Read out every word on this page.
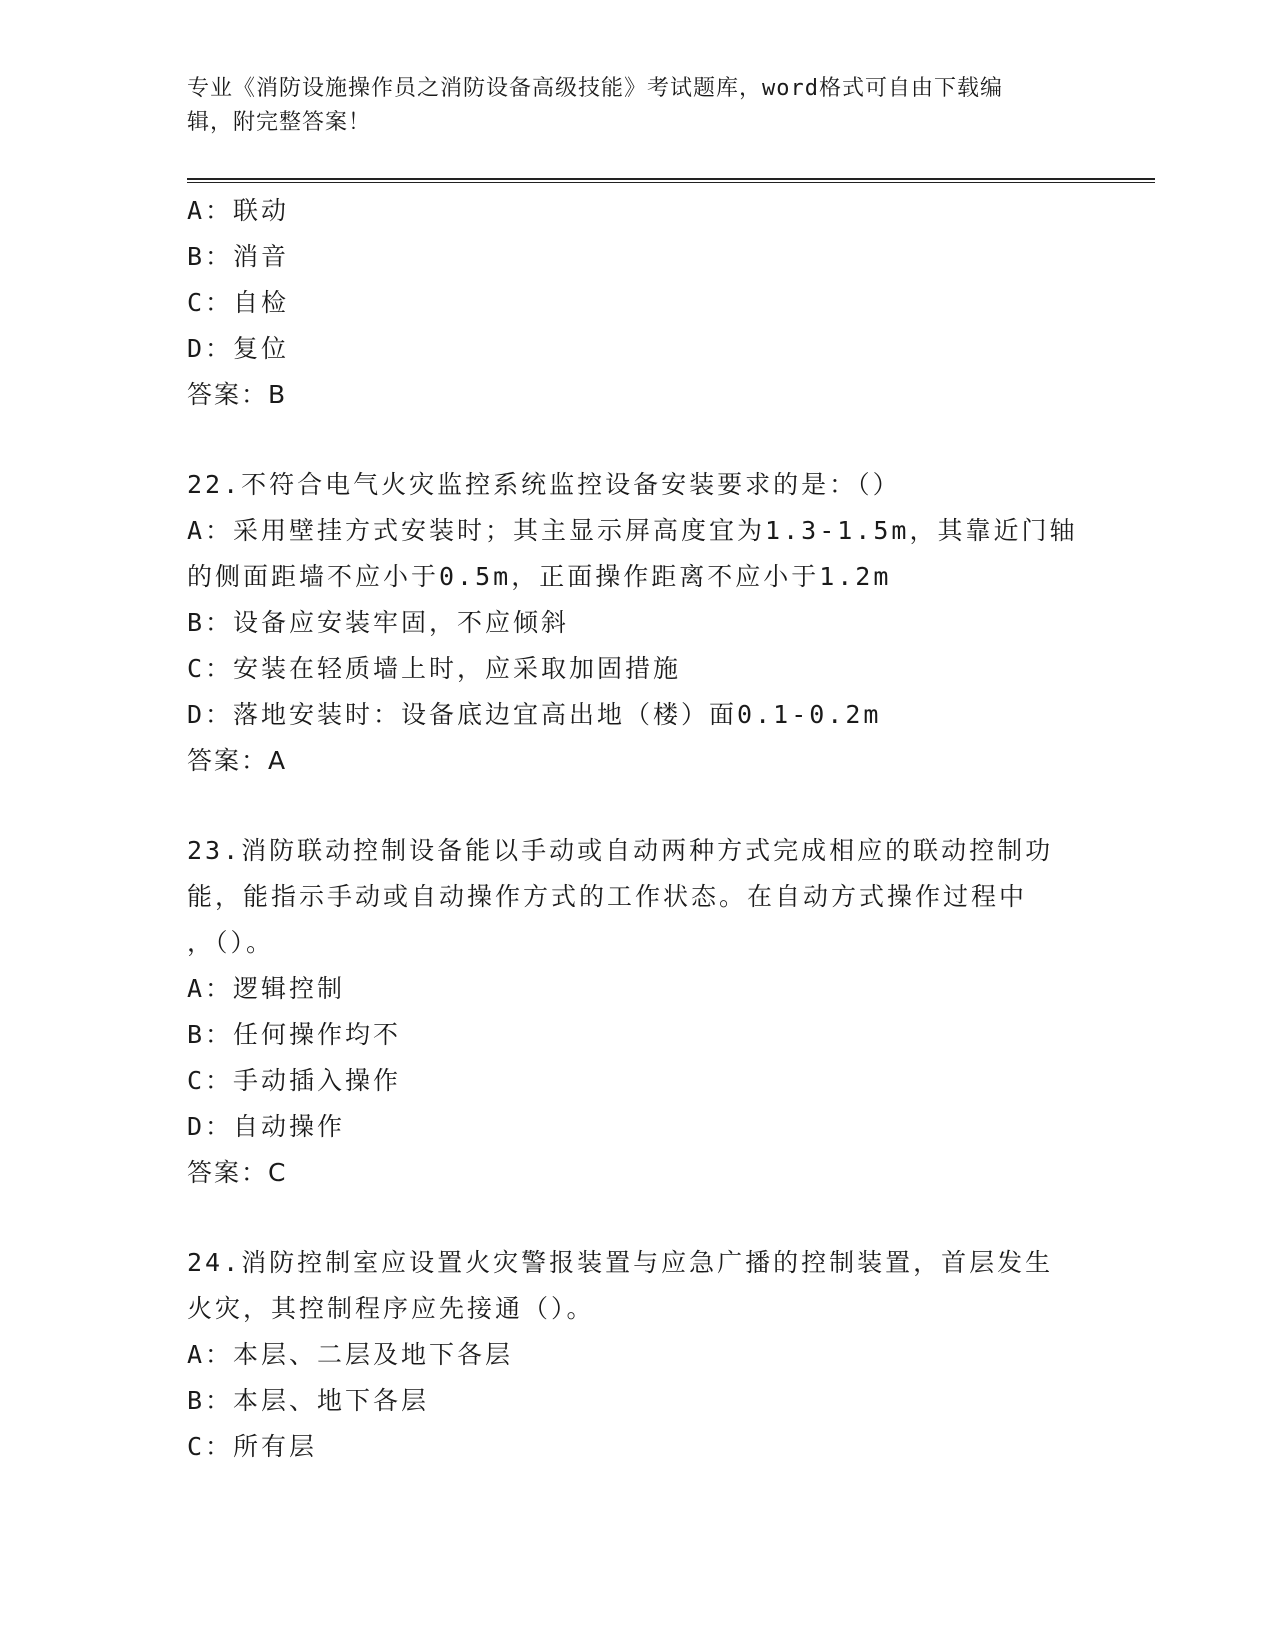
专业《消防设施操作员之消防设备高级技能》考试题库，word格式可自由下载编
辑，附完整答案！
A：联动
B：消音
C：自检
D：复位
答案：B
22.不符合电气火灾监控系统监控设备安装要求的是：（）
A：采用壁挂方式安装时；其主显示屏高度宜为1.3-1.5m，其靠近门轴
的侧面距墙不应小于0.5m，正面操作距离不应小于1.2m
B：设备应安装牢固，不应倾斜
C：安装在轻质墙上时，应采取加固措施
D：落地安装时：设备底边宜高出地（楼）面0.1-0.2m
答案：A
23.消防联动控制设备能以手动或自动两种方式完成相应的联动控制功
能，能指示手动或自动操作方式的工作状态。在自动方式操作过程中
，（）。
A：逻辑控制
B：任何操作均不
C：手动插入操作
D：自动操作
答案：C
24.消防控制室应设置火灾警报装置与应急广播的控制装置，首层发生
火灾，其控制程序应先接通（）。
A：本层、二层及地下各层
B：本层、地下各层
C：所有层
